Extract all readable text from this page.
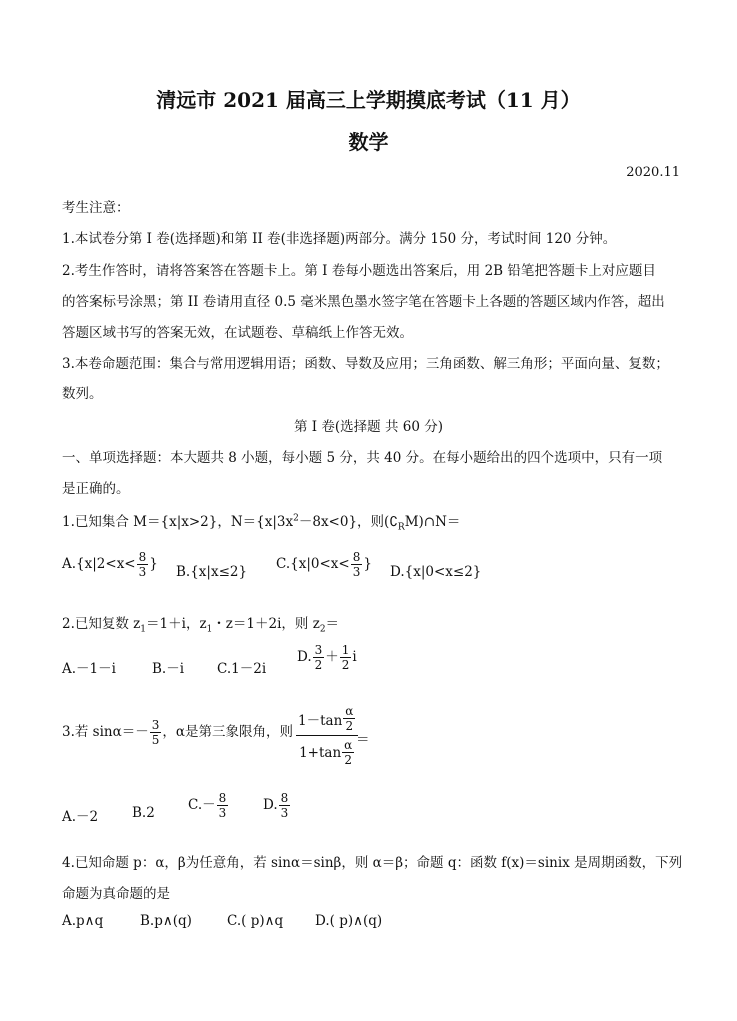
清远市 2021 届高三上学期摸底考试（11 月）
数学
2020.11
考生注意：
1.本试卷分第 I 卷(选择题)和第 II 卷(非选择题)两部分。满分 150 分，考试时间 120 分钟。
2.考生作答时，请将答案答在答题卡上。第 I 卷每小题选出答案后，用 2B 铅笔把答题卡上对应题目
的答案标号涂黑；第 II 卷请用直径 0.5 毫米黑色墨水签字笔在答题卡上各题的答题区域内作答，超出
答题区域书写的答案无效，在试题卷、草稿纸上作答无效。
3.本卷命题范围：集合与常用逻辑用语；函数、导数及应用；三角函数、解三角形；平面向量、复数；
数列。
第 I 卷(选择题 共 60 分)
一、单项选择题：本大题共 8 小题，每小题 5 分，共 40 分。在每小题给出的四个选项中，只有一项
是正确的。
1.已知集合 M＝{x|x>2}，$N=\{x|3x^2-8x<0\}$，则$(∁_RM)\cap N=$
$A.\{x|2<x< \frac{8}{3}$ } B.{x|x≤2} $C.\{x|0<x< \frac{8}{3}$ } D.{x|0<x≤2}
2.已知复数 $z_1=1+i$，$z_1$・z＝1＋2i，则 $z_2=$
A.－1－i	B.－i C.1－2i
D. $\frac{3}{2} + \frac{1}{2}$ i
3.若 $\sin\alpha=- \frac{3}{5}$ ，α是第三象限角，则
$1-\tan \frac{\alpha}{2}$
$1+\tan \frac{\alpha}{2}$ ＝
A.－2	B.2 $C.- \frac{8}{3}$	D. $\frac{8}{3}$
4.已知命题 p：α，β为任意角，若 sinα＝sinβ，则 α＝β；命题 q：函数 f(x)＝sinix 是周期函数，下列
命题为真命题的是
A.p∧q	B.p∧(q)	C.( p)∧q D.( p)∧(q)
